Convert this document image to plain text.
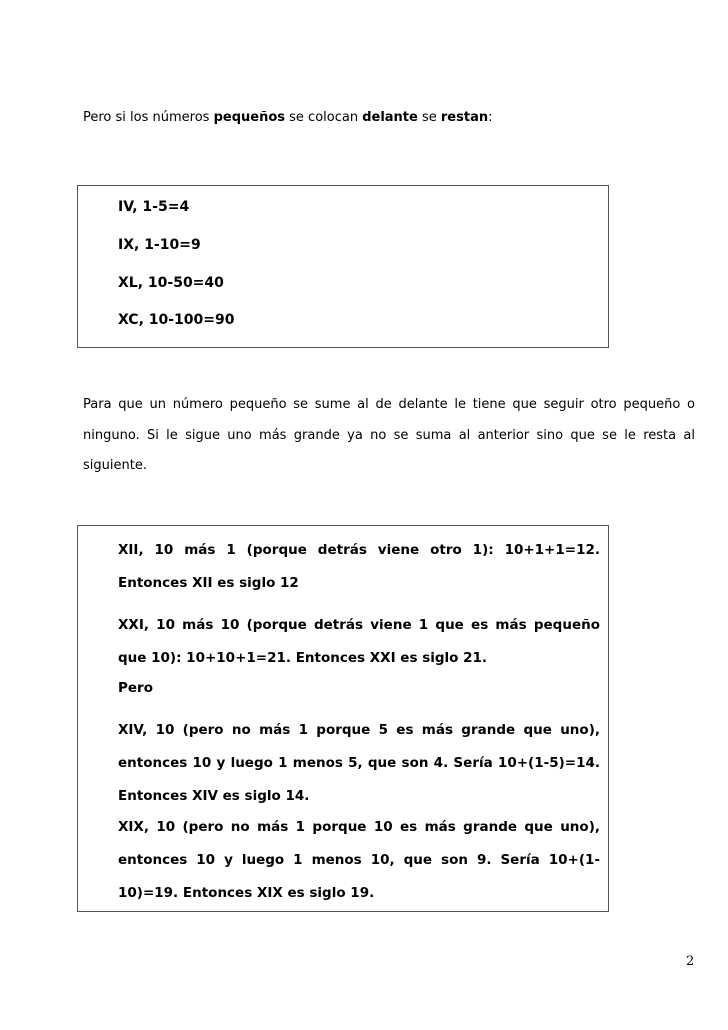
Pero si los números pequeños se colocan delante se restan:

IV, 1-5=4

IX, 1-10=9

XL, 10-50=40

XC, 10-100=90

Para que un número pequeño se sume al de delante le tiene que seguir otro pequeño o ninguno. Si le sigue uno más grande ya no se suma al anterior sino que se le resta al siguiente.

XII, 10 más 1 (porque detrás viene otro 1): 10+1+1=12. Entonces XII es siglo 12

XXI, 10 más 10 (porque detrás viene 1 que es más pequeño que 10): 10+10+1=21. Entonces XXI es siglo 21.

Pero

XIV, 10 (pero no más 1 porque 5 es más grande que uno), entonces 10 y luego 1 menos 5, que son 4. Sería 10+(1-5)=14. Entonces XIV es siglo 14.

XIX, 10 (pero no más 1 porque 10 es más grande que uno), entonces 10 y luego 1 menos 10, que son 9. Sería 10+(1-10)=19. Entonces XIX es siglo 19.

2
